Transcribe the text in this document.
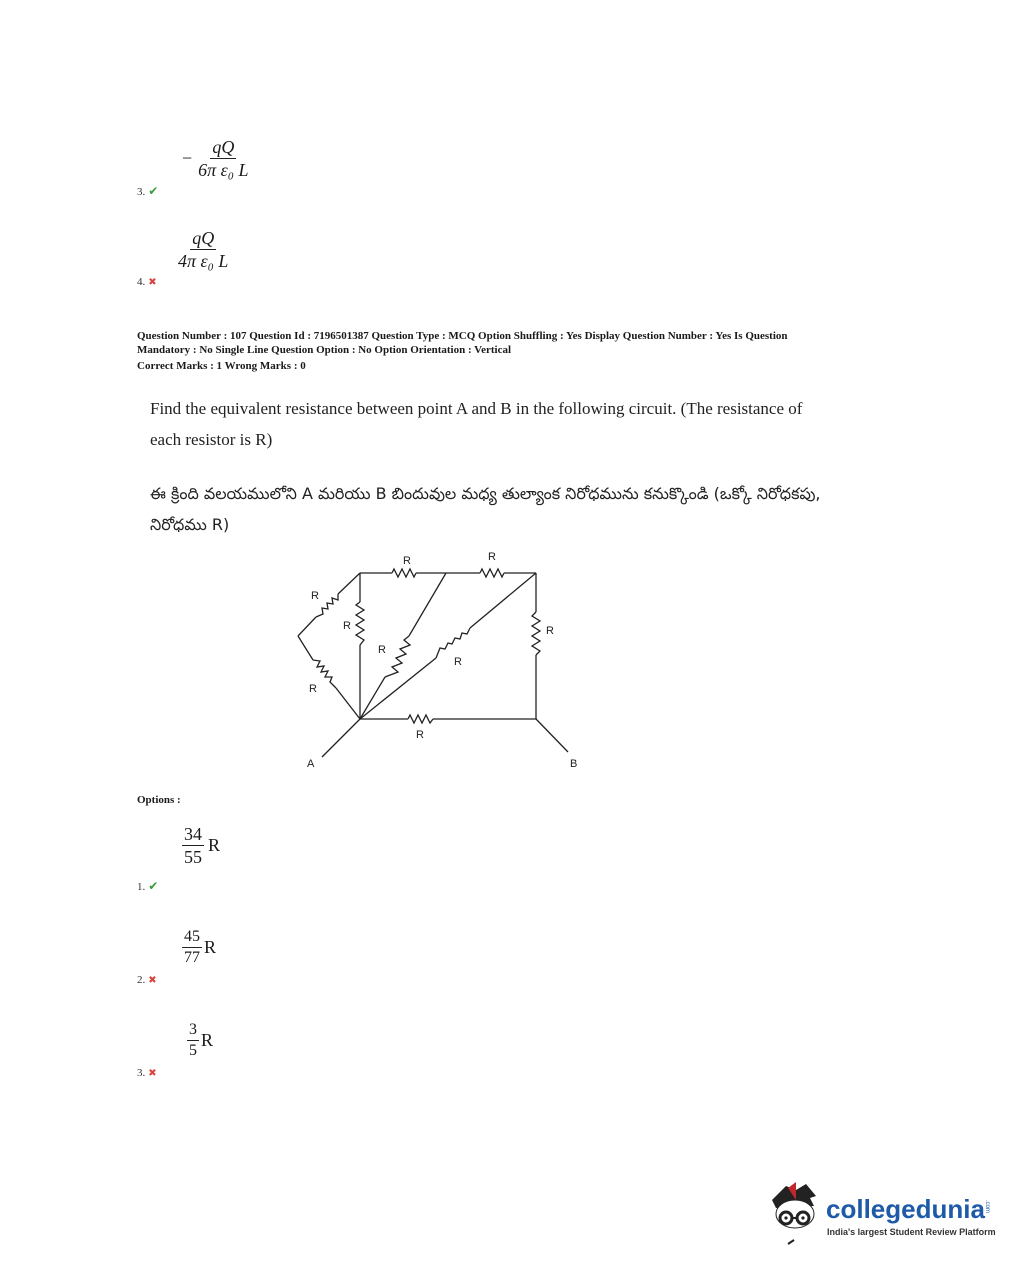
− $\frac{qQ}{\text{6π ε₀ L}}$
3. ✔
$\frac{qQ}{\text{4π ε₀ L}}$
4. ✖
Question Number : 107 Question Id : 7196501387 Question Type : MCQ Option Shuffling : Yes Display Question Number : Yes Is Question
Mandatory : No Single Line Question Option : No Option Orientation : Vertical
Correct Marks : 1 Wrong Marks : 0
Find the equivalent resistance between point A and B in the following circuit. (The resistance of each resistor is R)
ఈ క్రింది వలయములోని A మరియు B బిందువుల మధ్య తుల్యాంక నిరోధమును కనుక్కొండి (ఒక్కో నిరోధకపు, నిరోధము R)
R	R
R
R	R
R
R
R
R
A	B
Options :
$\frac{34}{55}$ R
1. ✔
$\frac{45}{77}$ R
2. ✖
$\frac{3}{5}$ R
3. ✖
collegedunia .com
India's largest Student Review Platform
